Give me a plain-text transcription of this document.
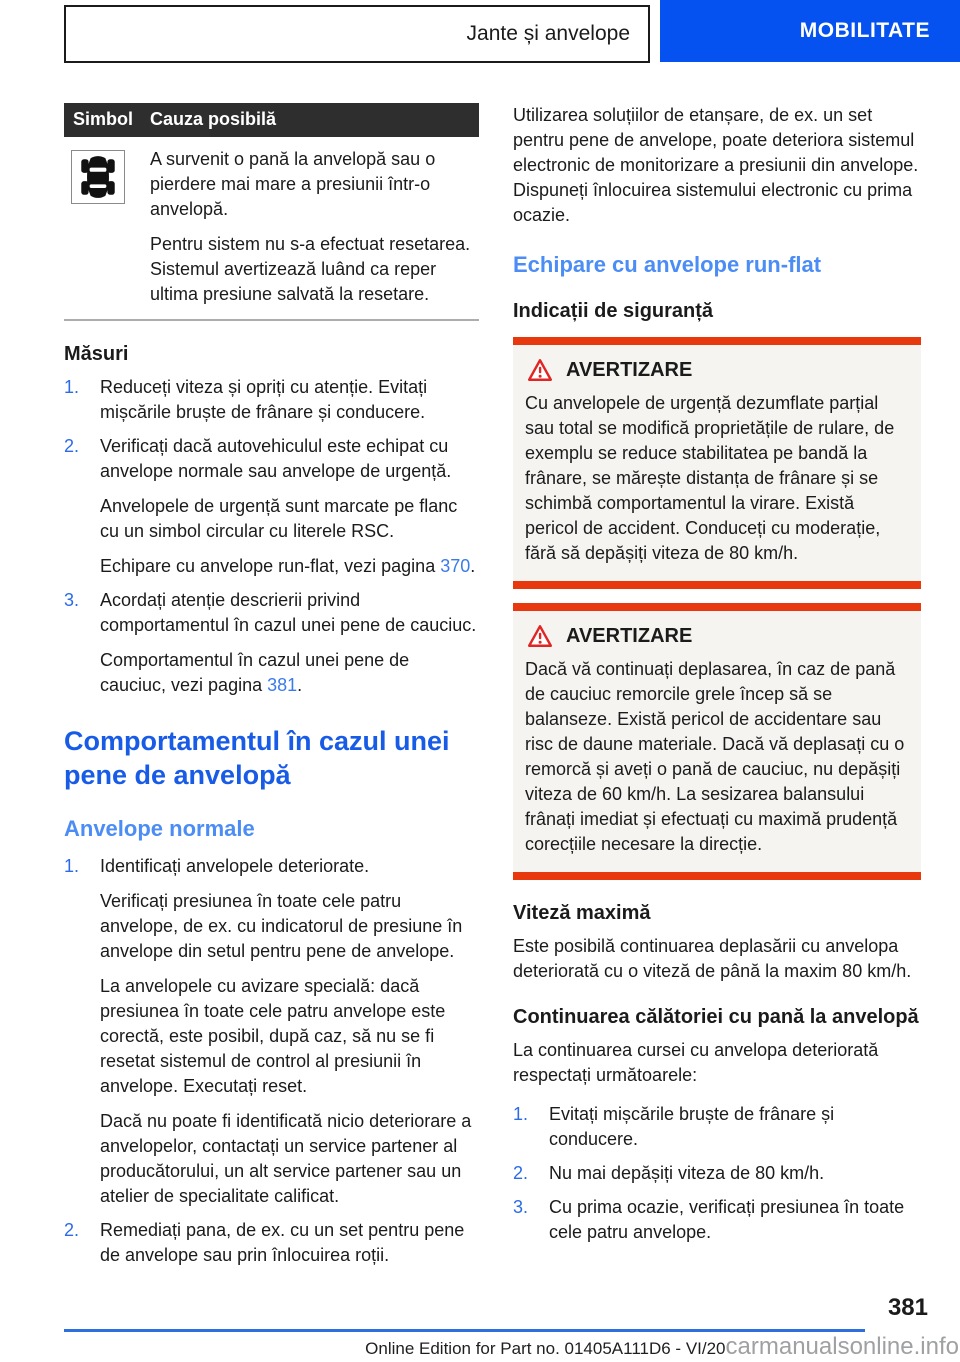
Jante și anvelope	MOBILITATE
Simbol Cauza posibilă

A survenit o pană la anvelopă sau o pierdere mai mare a presiunii într-o anvelopă.

Pentru sistem nu s-a efectuat resetarea. Sistemul avertizează luând ca reper ultima presiune salvată la resetare.

Măsuri
1.	Reduceți viteza și opriți cu atenție. Evitați mișcările bruște de frânare și conducere.

2.	Verificați dacă autovehiculul este echipat cu anvelope normale sau anvelope de urgență.

Anvelopele de urgență sunt marcate pe flanc cu un simbol circular cu literele RSC.

Echipare cu anvelope run-flat, vezi pagina 370.

3.	Acordați atenție descrierii privind comportamentul în cazul unei pene de cauciuc.

Comportamentul în cazul unei pene de cauciuc, vezi pagina 381.

Comportamentul în cazul unei pene de anvelopă
Anvelope normale
1.	Identificați anvelopele deteriorate.

Verificați presiunea în toate cele patru anvelope, de ex. cu indicatorul de presiune în anvelope din setul pentru pene de anvelope.

La anvelopele cu avizare specială: dacă presiunea în toate cele patru anvelope este corectă, este posibil, după caz, să nu se fi resetat sistemul de control al presiunii în anvelope. Executați reset.

Dacă nu poate fi identificată nicio deteriorare a anvelopelor, contactați un service partener al producătorului, un alt service partener sau un atelier de specialitate calificat.

2.	Remediați pana, de ex. cu un set pentru pene de anvelope sau prin înlocuirea roții.

Utilizarea soluțiilor de etanșare, de ex. un set pentru pene de anvelope, poate deteriora sistemul electronic de monitorizare a presiunii din anvelope. Dispuneți înlocuirea sistemului electronic cu prima ocazie.

Echipare cu anvelope run-flat
Indicații de siguranță
AVERTIZARE

Cu anvelopele de urgență dezumflate parțial sau total se modifică proprietățile de rulare, de exemplu se reduce stabilitatea pe bandă la frânare, se mărește distanța de frânare și se schimbă comportamentul la virare. Există pericol de accident. Conduceți cu moderație, fără să depășiți viteza de 80 km/h.

AVERTIZARE

Dacă vă continuați deplasarea, în caz de pană de cauciuc remorcile grele încep să se balanseze. Există pericol de accidentare sau risc de daune materiale. Dacă vă deplasați cu o remorcă și aveți o pană de cauciuc, nu depășiți viteza de 60 km/h. La sesizarea balansului frânați imediat și efectuați cu maximă prudență corecțiile necesare la direcție.

Viteză maximă

Este posibilă continuarea deplasării cu anvelopa deteriorată cu o viteză de până la maxim 80 km/h.

Continuarea călătoriei cu pană la anvelopă

La continuarea cursei cu anvelopa deteriorată respectați următoarele:

1.	Evitați mișcările bruște de frânare și conducere.

2.	Nu mai depășiți viteza de 80 km/h.

3.	Cu prima ocazie, verificați presiunea în toate cele patru anvelope.

381
Online Edition for Part no. 01405A111D6 - VI/20 carmanualsonline.info
